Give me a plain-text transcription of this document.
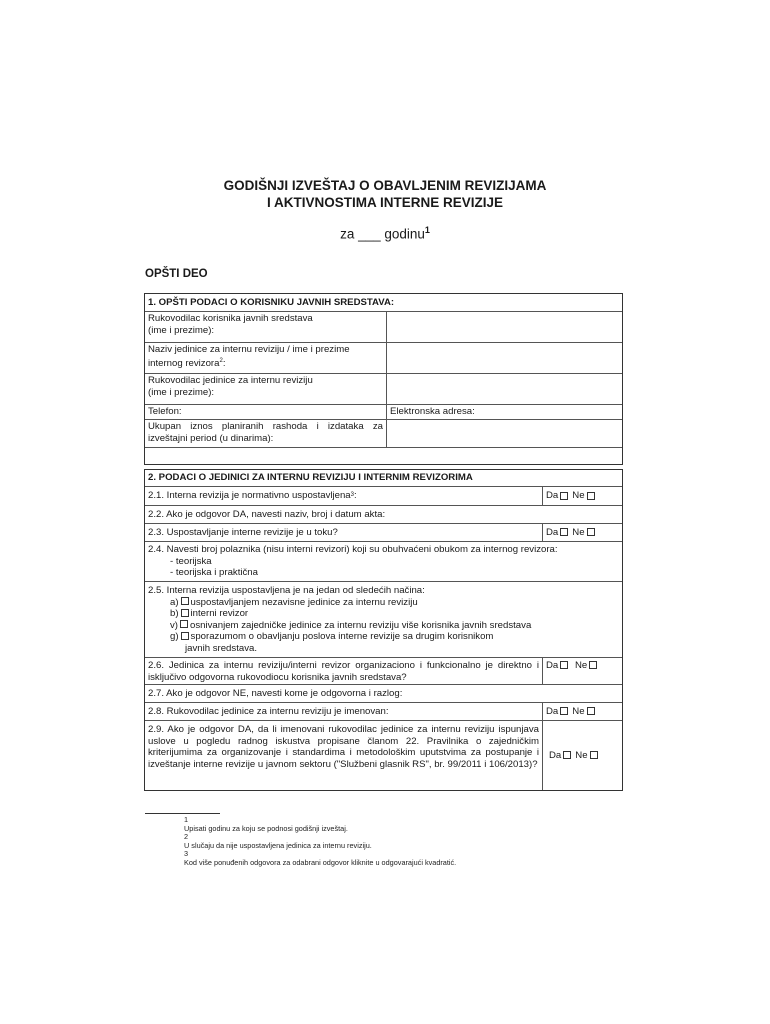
GODIŠNJI IZVEŠTAJ O OBAVLJENIM REVIZIJAMA
I AKTIVNOSTIMA INTERNE REVIZIJE
za ___ godinu$^1$
OPŠTI DEO
1. OPŠTI PODACI O KORISNIKU JAVNIH SREDSTAVA:
Rukovodilac korisnika javnih sredstava
(ime i prezime):
Naziv jedinice za internu reviziju / ime i prezime
internog revizora$^2$:
Rukovodilac jedinice za internu reviziju
(ime i prezime):
Telefon:	Elektronska adresa:
Ukupan iznos planiranih rashoda i izdataka za izveštajni period (u dinarima):
2. PODACI O JEDINICI ZA INTERNU REVIZIJU I INTERNIM REVIZORIMA
2.1. Interna revizija je normativno uspostavljena 3 :	Da Ne
2.2. Ako je odgovor DA, navesti naziv, broj i datum akta:
2.3. Uspostavljanje interne revizije je u toku?	Da Ne
2.4. Navesti broj polaznika (nisu interni revizori) koji su obuhvaćeni obukom za internog revizora:
- teorijska
- teorijska i praktična
2.5. Interna revizija uspostavljena je na jedan od sledećih načina:
a) uspostavljanjem nezavisne jedinice za internu reviziju
b) interni revizor
v) osnivanjem zajedničke jedinice za internu reviziju više korisnika javnih sredstava
g) sporazumom o obavljanju poslova interne revizije sa drugim korisnikom
javnih sredstava.
2.6. Jedinica za internu reviziju/interni revizor organizaciono i funkcionalno je direktno i isključivo odgovorna rukovodiocu korisnika javnih sredstava?
Da Ne
2.7. Ako je odgovor NE, navesti kome je odgovorna i razlog:
2.8. Rukovodilac jedinice za internu reviziju je imenovan:	Da Ne
2.9. Ako je odgovor DA, da li imenovani rukovodilac jedinice za internu reviziju ispunjava uslove u pogledu radnog iskustva propisane članom 22. Pravilnika o zajedničkim kriterijumima za organizovanje i standardima i metodološkim uputstvima za postupanje i izveštanje interne revizije u javnom sektoru ("Službeni glasnik RS", br. 99/2011 i 106/2013)?
Da Ne
1
Upisati godinu za koju se podnosi godišnji izveštaj.
2
U slučaju da nije uspostavljena jedinica za internu reviziju.
3
Kod više ponuđenih odgovora za odabrani odgovor kliknite u odgovarajući kvadratić.
